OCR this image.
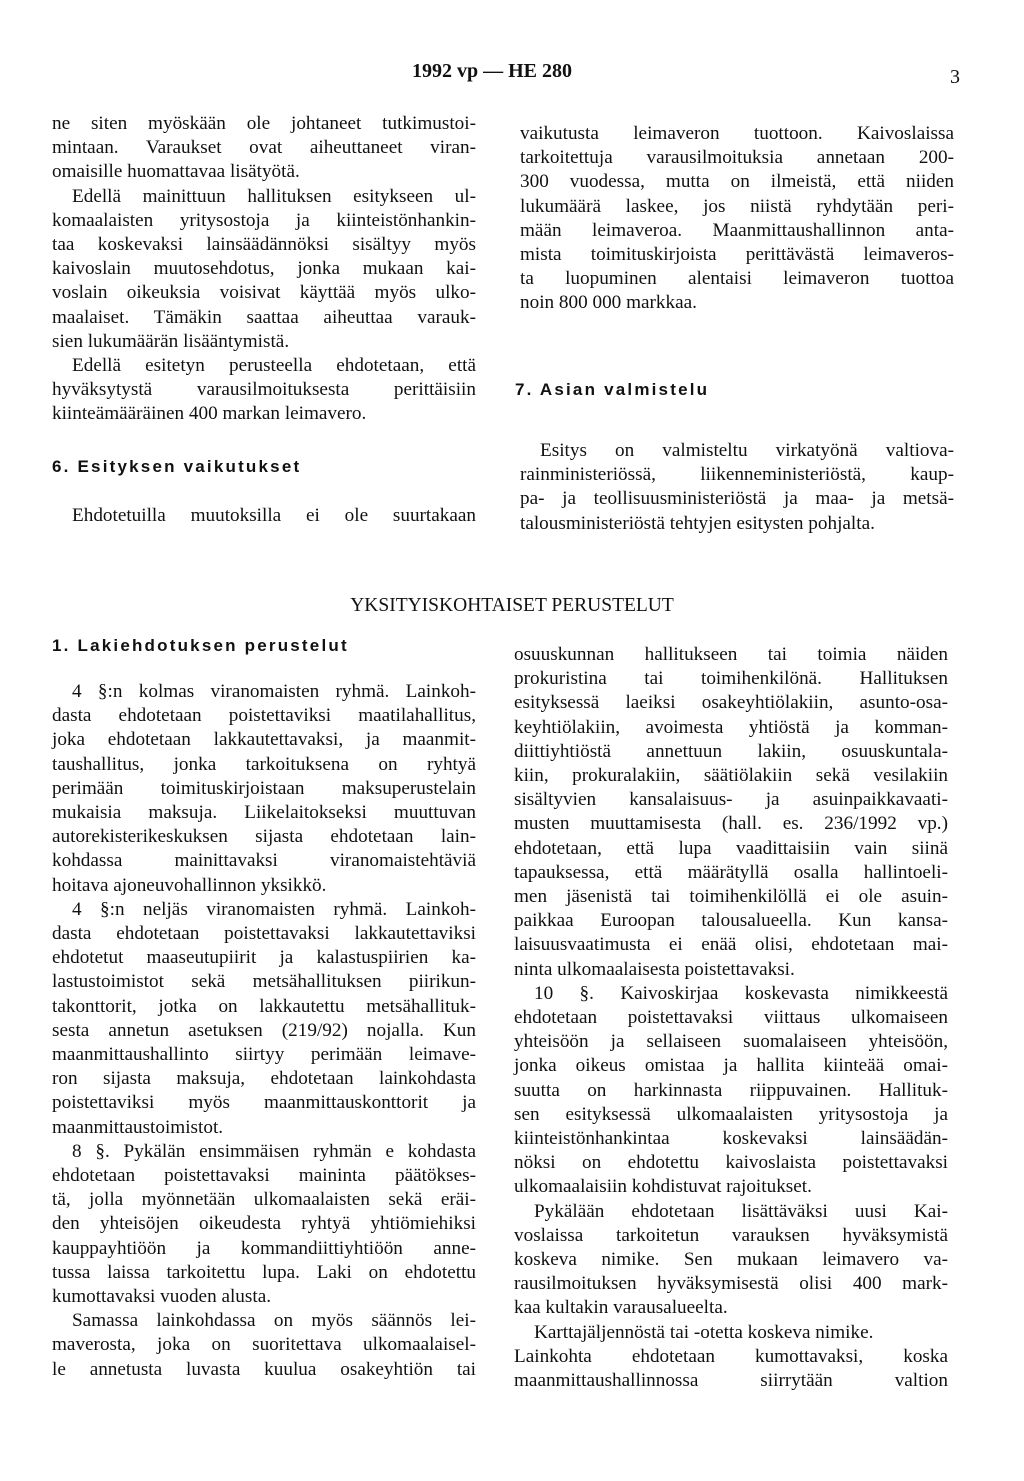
1992 vp — HE 280	3

ne siten myöskään ole johtaneet tutkimustoi-

mintaan. Varaukset ovat aiheuttaneet viran-

omaisille huomattavaa lisätyötä.

Edellä mainittuun hallituksen esitykseen ul-

komaalaisten yritysostoja ja kiinteistönhankin-

taa koskevaksi lainsäädännöksi sisältyy myös

kaivoslain muutosehdotus, jonka mukaan kai-

voslain oikeuksia voisivat käyttää myös ulko-

maalaiset. Tämäkin saattaa aiheuttaa varauk-

sien lukumäärän lisääntymistä.

Edellä esitetyn perusteella ehdotetaan, että

hyväksytystä varausilmoituksesta perittäisiin

kiinteämääräinen 400 markan leimavero.

6. Esityksen vaikutukset

Ehdotetuilla muutoksilla ei ole suurtakaan

vaikutusta leimaveron tuottoon. Kaivoslaissa

tarkoitettuja varausilmoituksia annetaan 200-

300 vuodessa, mutta on ilmeistä, että niiden

lukumäärä laskee, jos niistä ryhdytään peri-

mään leimaveroa. Maanmittaushallinnon anta-

mista toimituskirjoista perittävästä leimaveros-

ta luopuminen alentaisi leimaveron tuottoa

noin 800 000 markkaa.

7. Asian valmistelu

Esitys on valmisteltu virkatyönä valtiova-

rainministeriössä, liikenneministeriöstä, kaup-

pa- ja teollisuusministeriöstä ja maa- ja metsä-

talousministeriöstä tehtyjen esitysten pohjalta.

YKSITYISKOHTAISET PERUSTELUT
1. Lakiehdotuksen perustelut

4 §:n kolmas viranomaisten ryhmä. Lainkoh-

dasta ehdotetaan poistettaviksi maatilahallitus,

joka ehdotetaan lakkautettavaksi, ja maanmit-

taushallitus, jonka tarkoituksena on ryhtyä

perimään toimituskirjoistaan maksuperustelain

mukaisia maksuja. Liikelaitokseksi muuttuvan

autorekisterikeskuksen sijasta ehdotetaan lain-

kohdassa mainittavaksi viranomaistehtäviä

hoitava ajoneuvohallinnon yksikkö.

4 §:n neljäs viranomaisten ryhmä. Lainkoh-

dasta ehdotetaan poistettavaksi lakkautettaviksi

ehdotetut maaseutupiirit ja kalastuspiirien ka-

lastustoimistot sekä metsähallituksen piirikun-

takonttorit, jotka on lakkautettu metsähallituk-

sesta annetun asetuksen (219/92) nojalla. Kun

maanmittaushallinto siirtyy perimään leimave-

ron sijasta maksuja, ehdotetaan lainkohdasta

poistettaviksi myös maanmittauskonttorit ja

maanmittaustoimistot.

8 §. Pykälän ensimmäisen ryhmän e kohdasta

ehdotetaan poistettavaksi maininta päätökses-

tä, jolla myönnetään ulkomaalaisten sekä eräi-

den yhteisöjen oikeudesta ryhtyä yhtiömiehiksi

kauppayhtiöön ja kommandiittiyhtiöön anne-

tussa laissa tarkoitettu lupa. Laki on ehdotettu

kumottavaksi vuoden alusta.

Samassa lainkohdassa on myös säännös lei-

maverosta, joka on suoritettava ulkomaalaisel-

le annetusta luvasta kuulua osakeyhtiön tai

osuuskunnan hallitukseen tai toimia näiden

prokuristina tai toimihenkilönä. Hallituksen

esityksessä laeiksi osakeyhtiölakiin, asunto-osa-

keyhtiölakiin, avoimesta yhtiöstä ja komman-

diittiyhtiöstä annettuun lakiin, osuuskuntala-

kiin, prokuralakiin, säätiölakiin sekä vesilakiin

sisältyvien kansalaisuus- ja asuinpaikkavaati-

musten muuttamisesta (hall. es. 236/1992 vp.)

ehdotetaan, että lupa vaadittaisiin vain siinä

tapauksessa, että määrätyllä osalla hallintoeli-

men jäsenistä tai toimihenkilöllä ei ole asuin-

paikkaa Euroopan talousalueella. Kun kansa-

laisuusvaatimusta ei enää olisi, ehdotetaan mai-

ninta ulkomaalaisesta poistettavaksi.

10 §. Kaivoskirjaa koskevasta nimikkeestä

ehdotetaan poistettavaksi viittaus ulkomaiseen

yhteisöön ja sellaiseen suomalaiseen yhteisöön,

jonka oikeus omistaa ja hallita kiinteää omai-

suutta on harkinnasta riippuvainen. Hallituk-

sen esityksessä ulkomaalaisten yritysostoja ja

kiinteistönhankintaa koskevaksi lainsäädän-

nöksi on ehdotettu kaivoslaista poistettavaksi

ulkomaalaisiin kohdistuvat rajoitukset.

Pykälään ehdotetaan lisättäväksi uusi Kai-

voslaissa tarkoitetun varauksen hyväksymistä

koskeva nimike. Sen mukaan leimavero va-

rausilmoituksen hyväksymisestä olisi 400 mark-

kaa kultakin varausalueelta.

Karttajäljennöstä tai -otetta koskeva nimike.

Lainkohta ehdotetaan kumottavaksi, koska

maanmittaushallinnossa siirrytään valtion
